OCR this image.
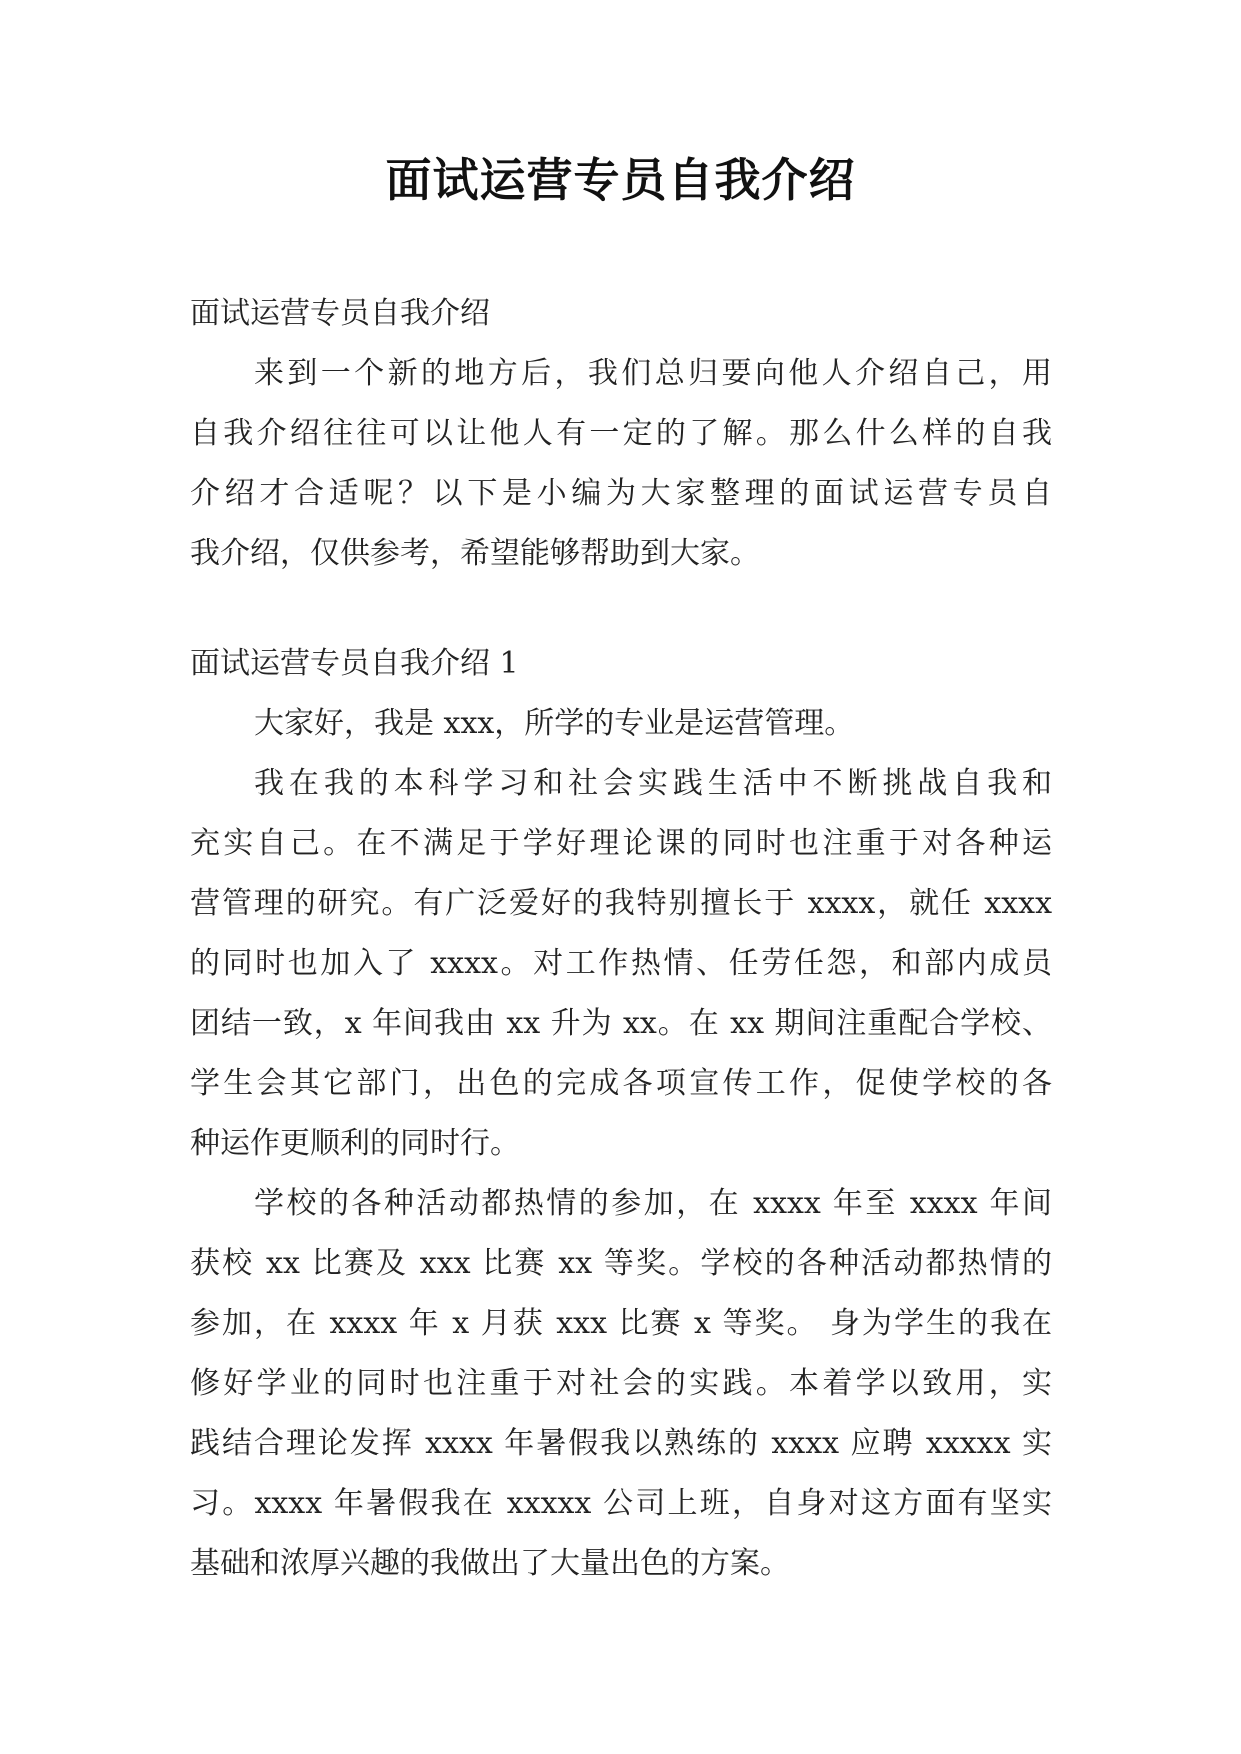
面试运营专员自我介绍
面试运营专员自我介绍
来到一个新的地方后，我们总归要向他人介绍自己，用
自我介绍往往可以让他人有一定的了解。那么什么样的自我
介绍才合适呢？以下是小编为大家整理的面试运营专员自
我介绍，仅供参考，希望能够帮助到大家。
面试运营专员自我介绍 1
大家好，我是 xxx，所学的专业是运营管理。
我在我的本科学习和社会实践生活中不断挑战自我和
充实自己。在不满足于学好理论课的同时也注重于对各种运
营管理的研究。有广泛爱好的我特别擅长于 xxxx，就任 xxxx
的同时也加入了 xxxx。对工作热情、任劳任怨，和部内成员
团结一致，x 年间我由 xx 升为 xx。在 xx 期间注重配合学校、
学生会其它部门，出色的完成各项宣传工作，促使学校的各
种运作更顺利的同时行。
学校的各种活动都热情的参加，在 xxxx 年至 xxxx 年间
获校 xx 比赛及 xxx 比赛 xx 等奖。学校的各种活动都热情的
参加，在 xxxx 年 x 月获 xxx 比赛 x 等奖。 身为学生的我在
修好学业的同时也注重于对社会的实践。本着学以致用，实
践结合理论发挥 xxxx 年暑假我以熟练的 xxxx 应聘 xxxxx 实
习。xxxx 年暑假我在 xxxxx 公司上班，自身对这方面有坚实
基础和浓厚兴趣的我做出了大量出色的方案。
